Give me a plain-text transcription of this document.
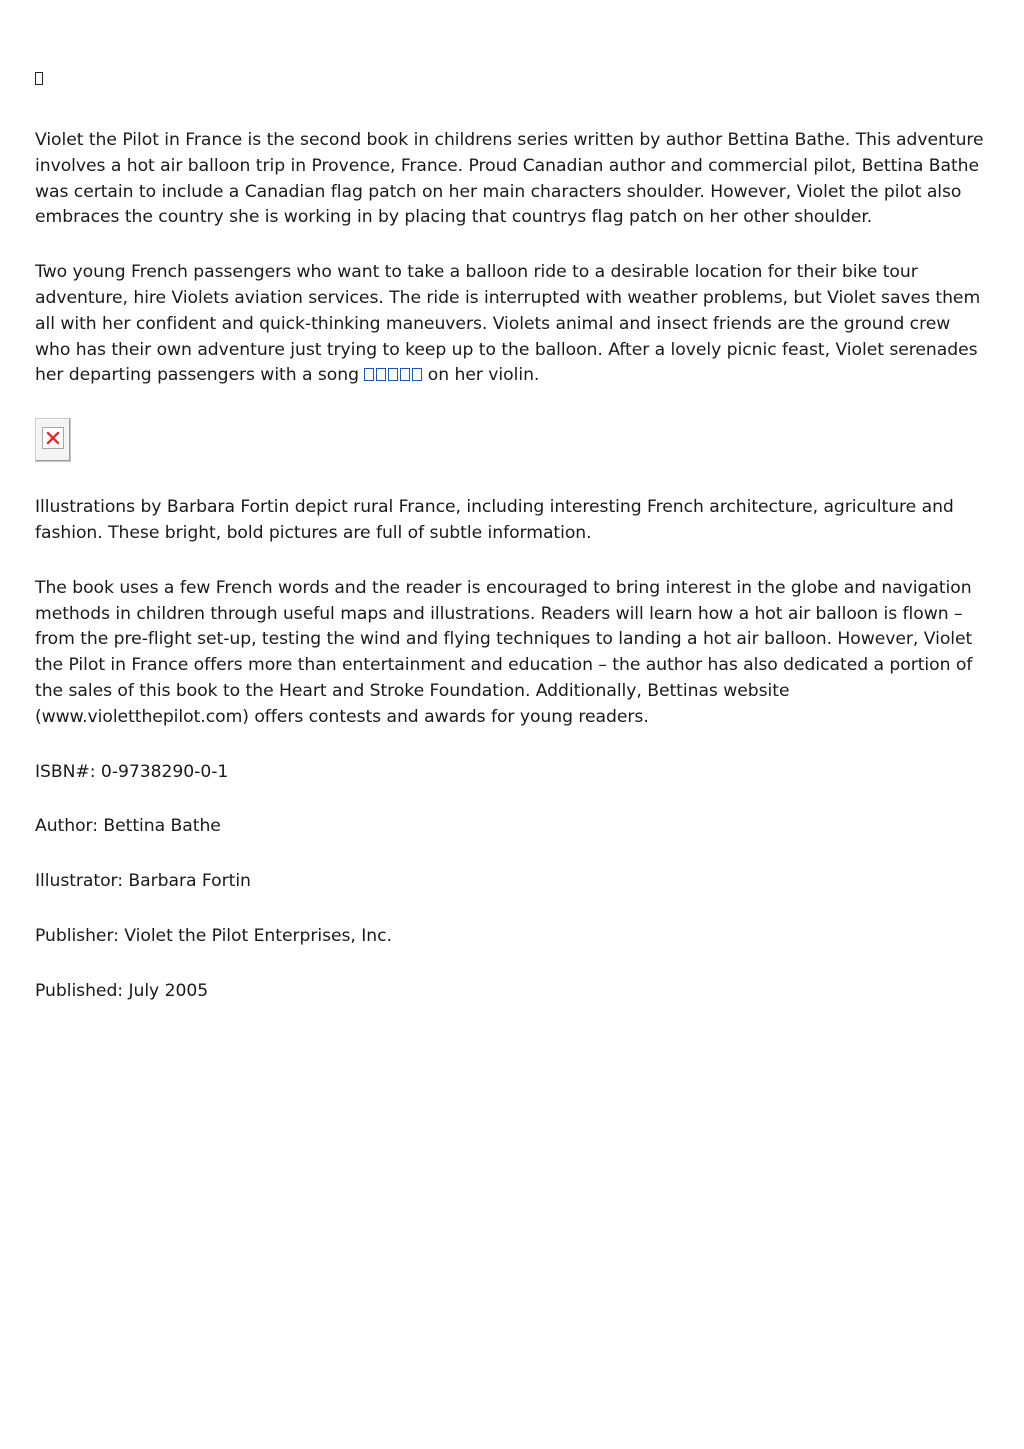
Violet the Pilot in France is the second book in childrens series written by author Bettina Bathe. This adventure involves a hot air balloon trip in Provence, France. Proud Canadian author and commercial pilot, Bettina Bathe was certain to include a Canadian flag patch on her main characters shoulder. However, Violet the pilot also embraces the country she is working in by placing that countrys flag patch on her other shoulder.

Two young French passengers who want to take a balloon ride to a desirable location for their bike tour adventure, hire Violets aviation services. The ride is interrupted with weather problems, but Violet saves them all with her confident and quick-thinking maneuvers. Violets animal and insect friends are the ground crew who has their own adventure just trying to keep up to the balloon. After a lovely picnic feast, Violet serenades her departing passengers with a song	on her violin.

Illustrations by Barbara Fortin depict rural France, including interesting French architecture, agriculture and fashion. These bright, bold pictures are full of subtle information.

The book uses a few French words and the reader is encouraged to bring interest in the globe and navigation methods in children through useful maps and illustrations. Readers will learn how a hot air balloon is flown – from the pre-flight set-up, testing the wind and flying techniques to landing a hot air balloon. However, Violet the Pilot in France offers more than entertainment and education – the author has also dedicated a portion of the sales of this book to the Heart and Stroke Foundation. Additionally, Bettinas website (www.violetthepilot.com) offers contests and awards for young readers.

ISBN#: 0-9738290-0-1

Author: Bettina Bathe

Illustrator: Barbara Fortin

Publisher: Violet the Pilot Enterprises, Inc.

Published: July 2005
